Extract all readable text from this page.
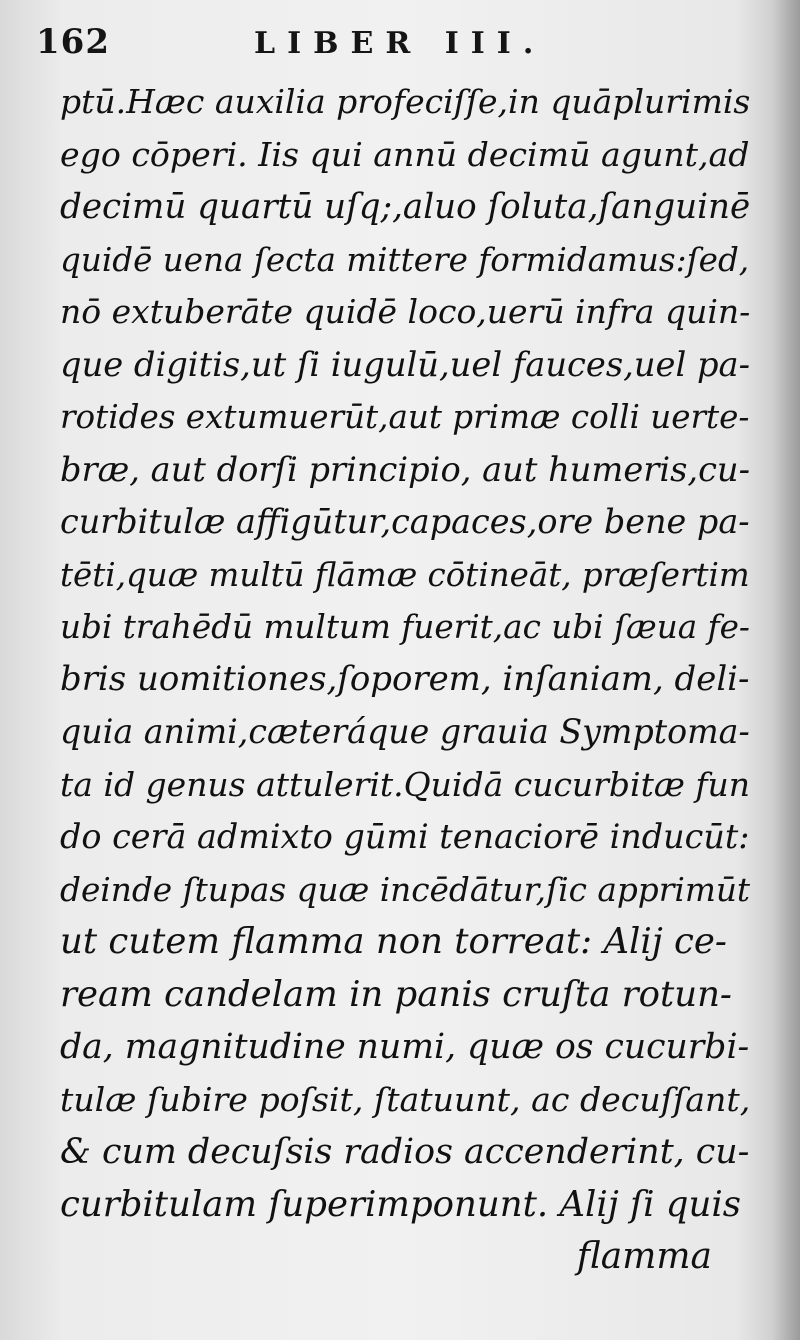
162	LIBER III.
ptū.Hæc auxilia profeciſſe,in quāplurimis
ego cōperi. Iis qui annū decimū agunt,ad
decimū quartū uſq;,aluo ſoluta,ſanguinē
quidē uena ſecta mittere formidamus:ſed,
nō extuberāte quidē loco,uerū infra quin-
que digitis,ut ſi iugulū,uel fauces,uel pa-
rotides extumuerūt,aut primæ colli uerte-
bræ, aut dorſi principio, aut humeris,cu-
curbitulæ affigūtur,capaces,ore bene pa-
tēti,quæ multū flāmæ cōtineāt, præſertim
ubi trahēdū multum fuerit,ac ubi ſæua fe-
bris uomitiones,ſoporem, inſaniam, deli-
quia animi,cæteráque grauia Symptoma-
ta id genus attulerit.Quidā cucurbitæ fun
do cerā admixto gūmi tenaciorē inducūt:
deinde ſtupas quæ incēdātur,ſic apprimūt
ut cutem flamma non torreat: Alij ce-
ream candelam in panis cruſta rotun-
da, magnitudine numi, quæ os cucurbi-
tulæ ſubire poſsit, ſtatuunt, ac decuſſant,
& cum decuſsis radios accenderint, cu-
curbitulam ſuperimponunt. Alij ſi quis
flamma
